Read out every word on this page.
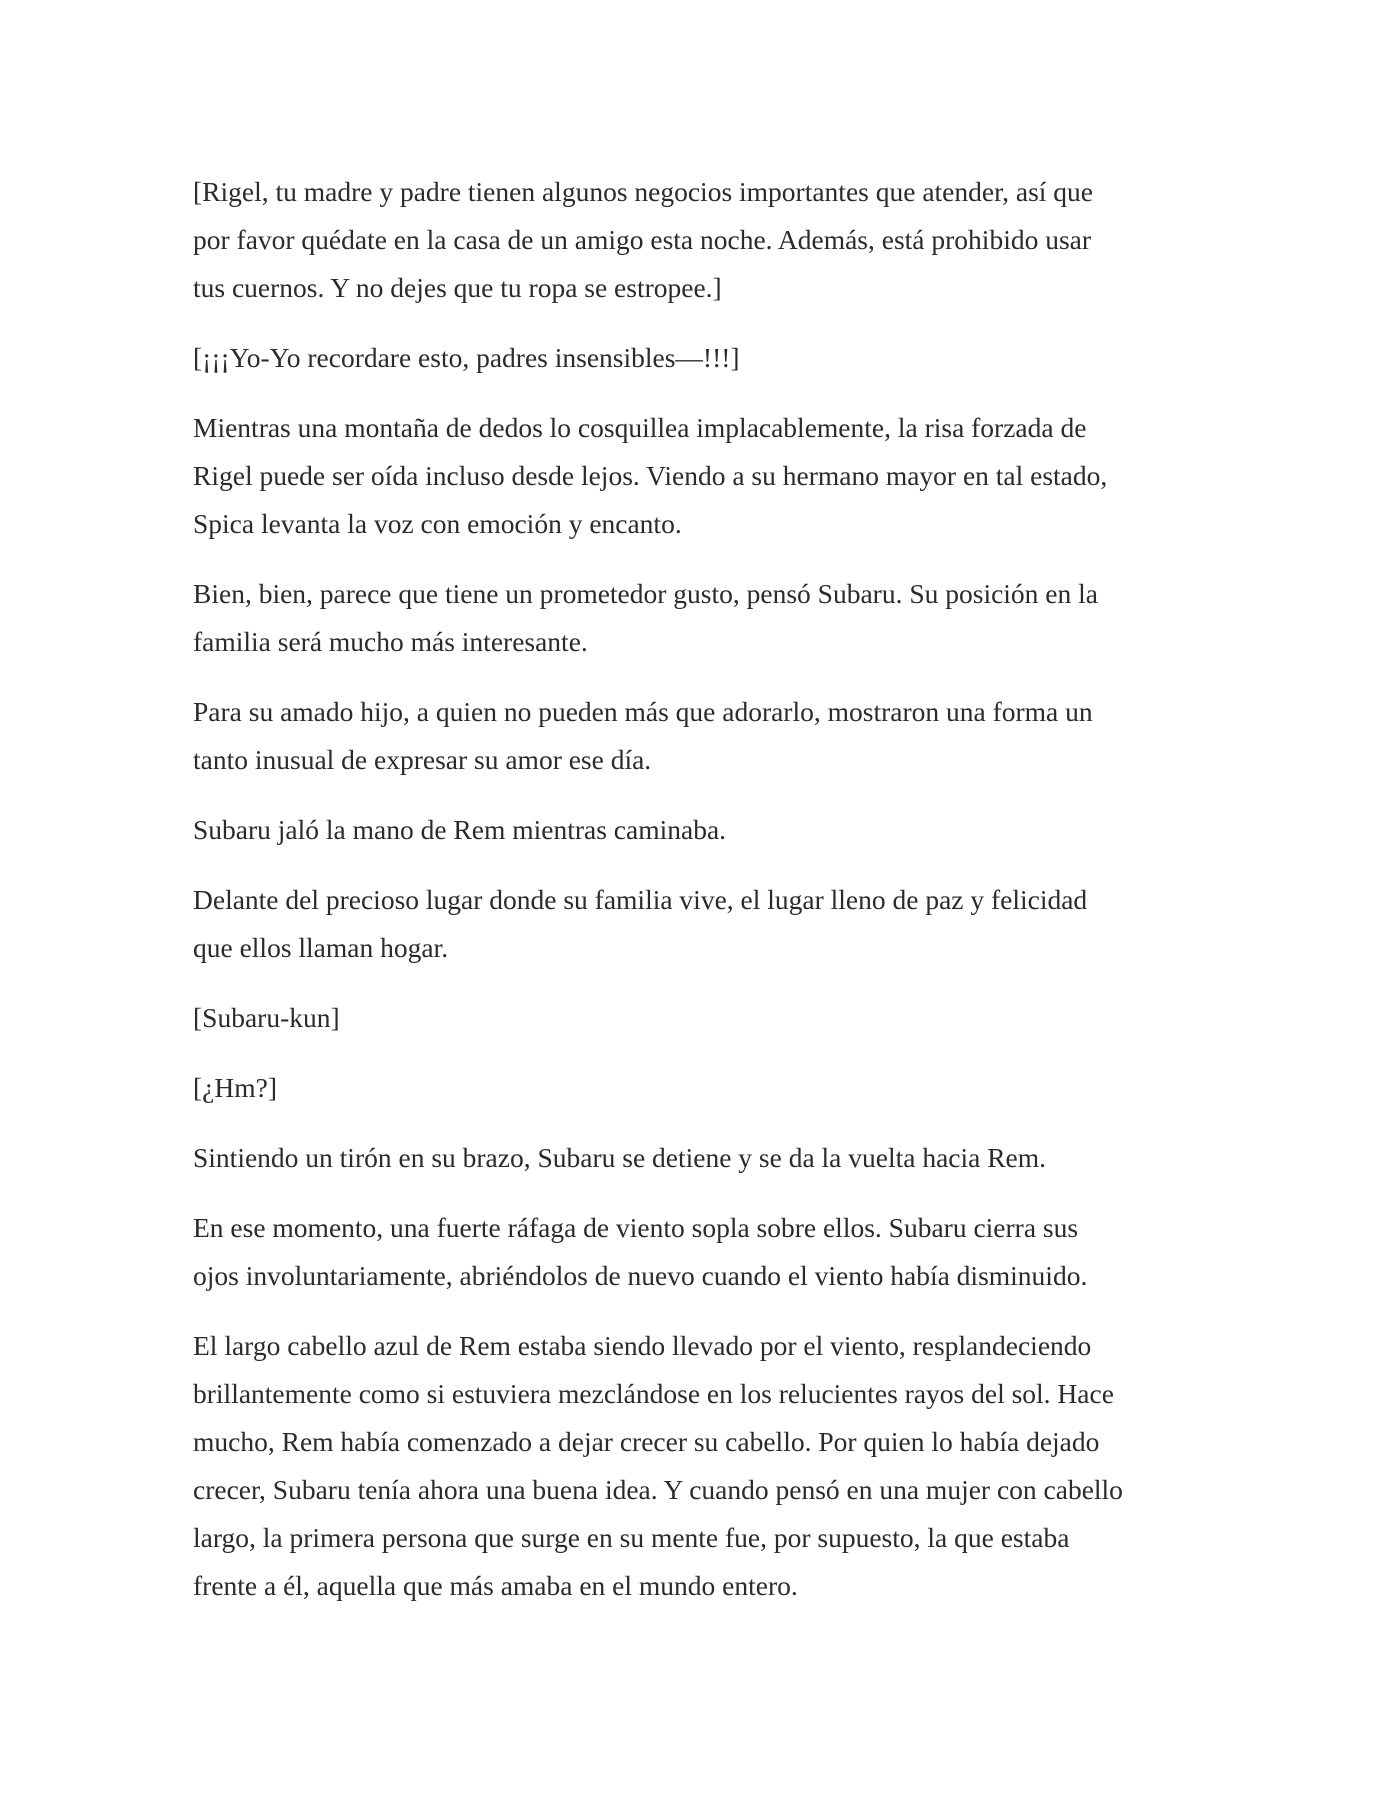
[Rigel, tu madre y padre tienen algunos negocios importantes que atender, así que
por favor quédate en la casa de un amigo esta noche. Además, está prohibido usar
tus cuernos. Y no dejes que tu ropa se estropee.]

[¡¡¡Yo-Yo recordare esto, padres insensibles—!!!]

Mientras una montaña de dedos lo cosquillea implacablemente, la risa forzada de
Rigel puede ser oída incluso desde lejos. Viendo a su hermano mayor en tal estado,
Spica levanta la voz con emoción y encanto.

Bien, bien, parece que tiene un prometedor gusto, pensó Subaru. Su posición en la
familia será mucho más interesante.

Para su amado hijo, a quien no pueden más que adorarlo, mostraron una forma un
tanto inusual de expresar su amor ese día.

Subaru jaló la mano de Rem mientras caminaba.

Delante del precioso lugar donde su familia vive, el lugar lleno de paz y felicidad
que ellos llaman hogar.

[Subaru-kun]

[¿Hm?]

Sintiendo un tirón en su brazo, Subaru se detiene y se da la vuelta hacia Rem.

En ese momento, una fuerte ráfaga de viento sopla sobre ellos. Subaru cierra sus
ojos involuntariamente, abriéndolos de nuevo cuando el viento había disminuido.

El largo cabello azul de Rem estaba siendo llevado por el viento, resplandeciendo
brillantemente como si estuviera mezclándose en los relucientes rayos del sol. Hace
mucho, Rem había comenzado a dejar crecer su cabello. Por quien lo había dejado
crecer, Subaru tenía ahora una buena idea. Y cuando pensó en una mujer con cabello
largo, la primera persona que surge en su mente fue, por supuesto, la que estaba
frente a él, aquella que más amaba en el mundo entero.
